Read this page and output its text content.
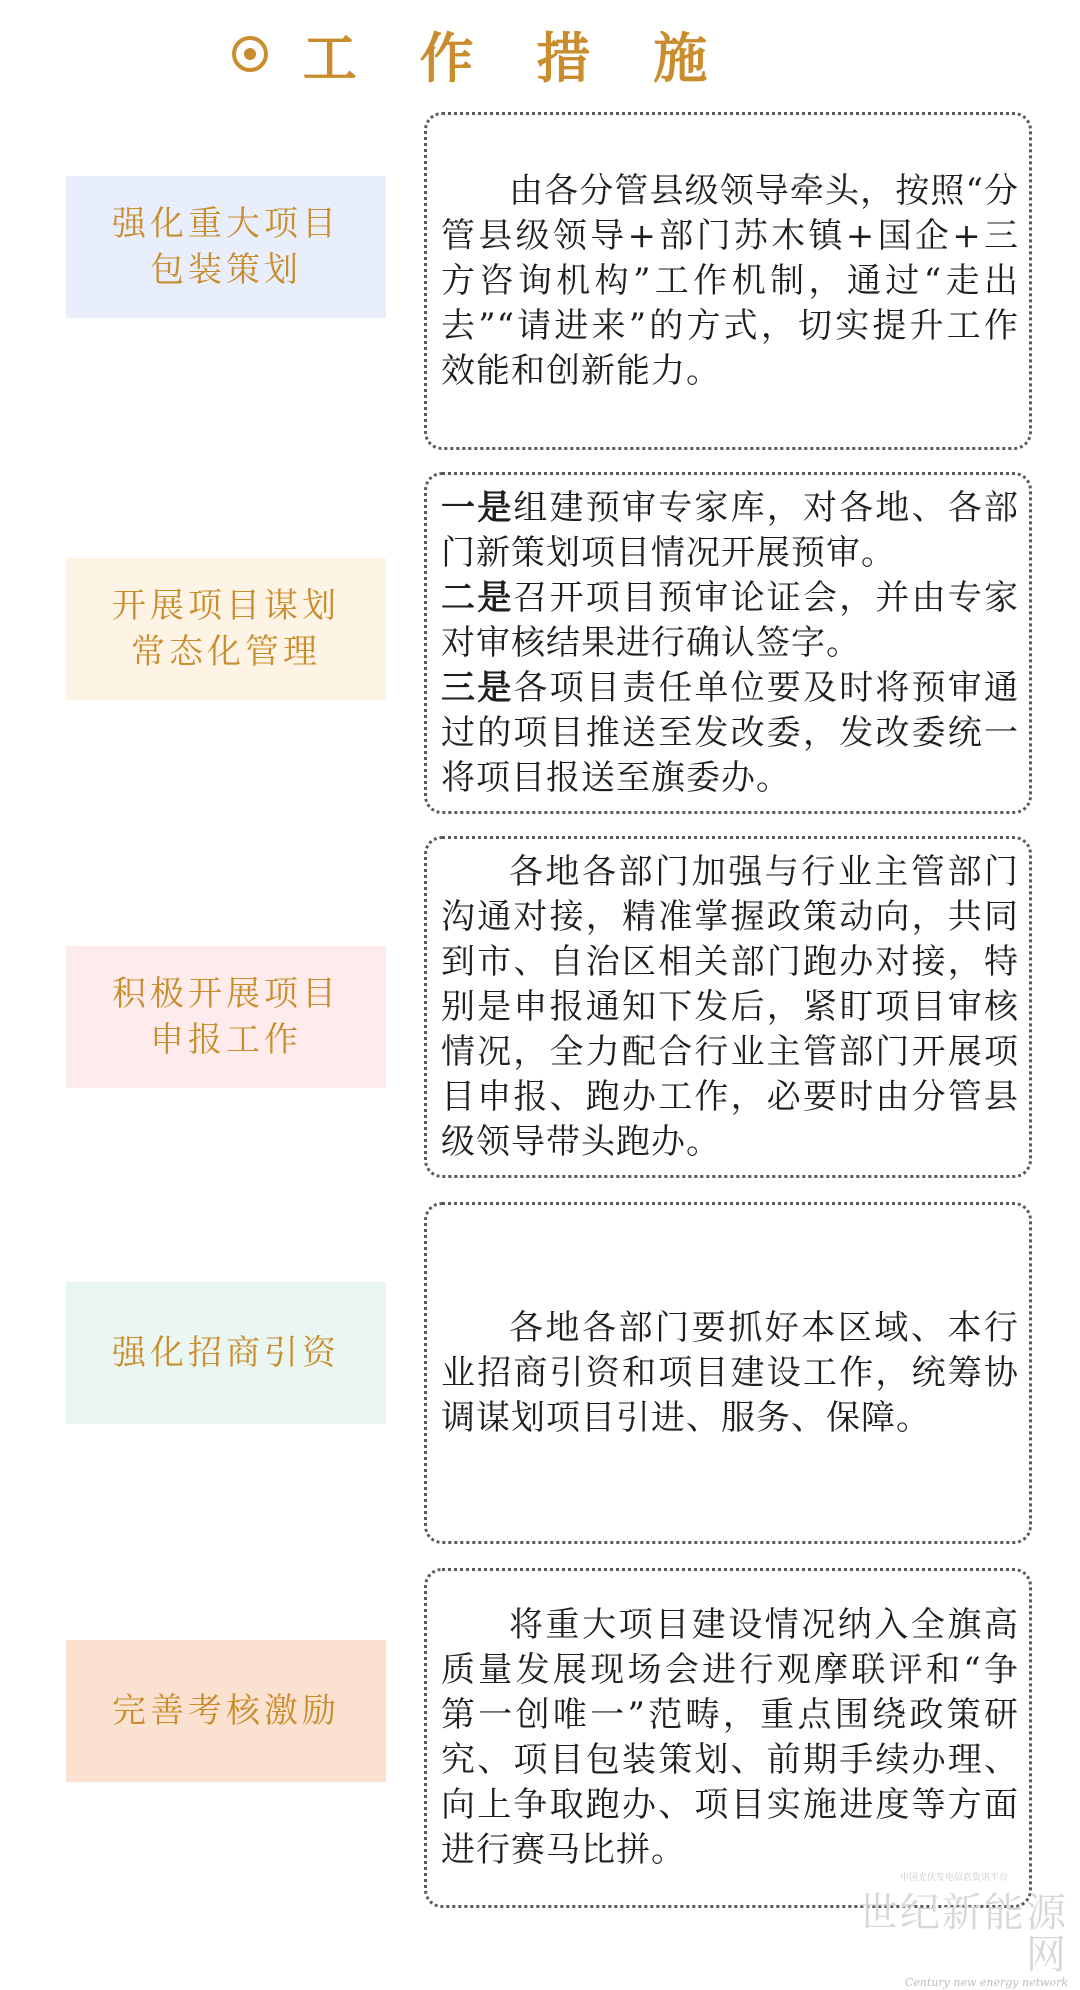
工 作 措 施
强化重大项目包装策划

由各分管县级领导牵头，按照“分管县级领导+部门苏木镇+国企+三方咨询机构”工作机制，通过“走出去”“请进来”的方式，切实提升工作效能和创新能力。

开展项目谋划常态化管理
一是组建预审专家库，对各地、各部门新策划项目情况开展预审。
二是召开项目预审论证会，并由专家对审核结果进行确认签字。
三是各项目责任单位要及时将预审通过的项目推送至发改委，发改委统一将项目报送至旗委办。
积极开展项目申报工作

各地各部门加强与行业主管部门沟通对接，精准掌握政策动向，共同到市、自治区相关部门跑办对接，特别是申报通知下发后，紧盯项目审核情况，全力配合行业主管部门开展项目申报、跑办工作，必要时由分管县级领导带头跑办。

强化招商引资

各地各部门要抓好本区域、本行业招商引资和项目建设工作，统筹协调谋划项目引进、服务、保障。

完善考核激励

将重大项目建设情况纳入全旗高质量发展现场会进行观摩联评和“争第一创唯一”范畴，重点围绕政策研究、项目包装策划、前期手续办理、向上争取跑办、项目实施进度等方面进行赛马比拼。

中国光伏发电信息资讯平台
世纪新能源网
Century new energy network
